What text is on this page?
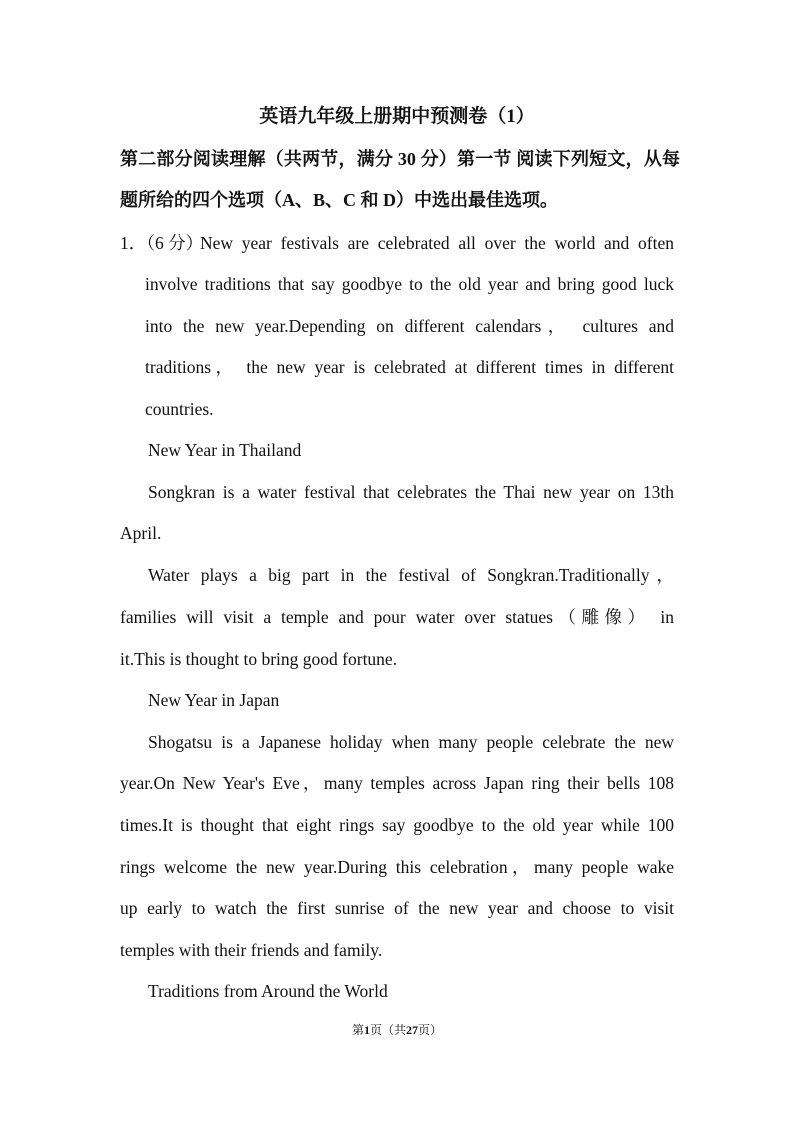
英语九年级上册期中预测卷（1）
第二部分阅读理解（共两节，满分 30 分）第一节 阅读下列短文，从每题所给的四个选项（A、B、C 和 D）中选出最佳选项。
1．（6 分）
New year festivals are celebrated all over the world and often
involve traditions that say goodbye to the old year and bring good luck
into the new year.Depending on different calendars， cultures and
traditions， the new year is celebrated at different times in different
countries.
New Year in Thailand
Songkran is a water festival that celebrates the Thai new year on 13th
April.
Water plays a big part in the festival of Songkran.Traditionally，
families will visit a temple and pour water over statues（雕像） in
it.This is thought to bring good fortune.
New Year in Japan
Shogatsu is a Japanese holiday when many people celebrate the new
year.On New Year's Eve，many temples across Japan ring their bells 108
times.It is thought that eight rings say goodbye to the old year while 100
rings welcome the new year.During this celebration，many people wake
up early to watch the first sunrise of the new year and choose to visit
temples with their friends and family.
Traditions from Around the World
第1页（共27页）
